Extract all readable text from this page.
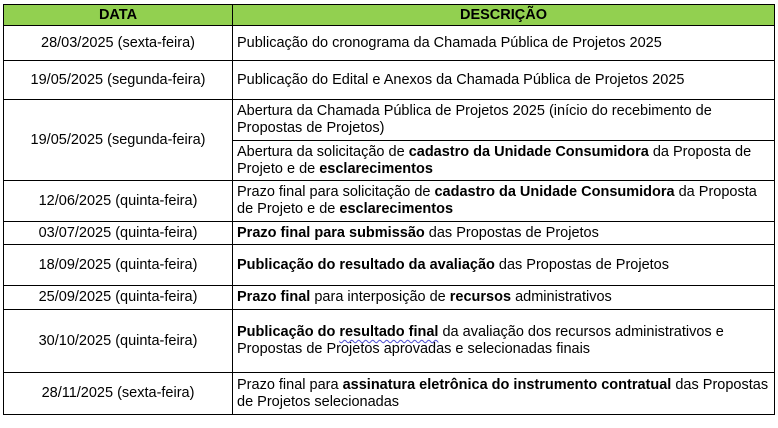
DATA	DESCRIÇÃO
28/03/2025 (sexta-feira)	Publicação do cronograma da Chamada Pública de Projetos 2025
19/05/2025 (segunda-feira)	Publicação do Edital e Anexos da Chamada Pública de Projetos 2025
19/05/2025 (segunda-feira)	Abertura da Chamada Pública de Projetos 2025 (início do recebimento de Propostas de Projetos)
	Abertura da solicitação de cadastro da Unidade Consumidora da Proposta de Projeto e de esclarecimentos
12/06/2025 (quinta-feira)	Prazo final para solicitação de cadastro da Unidade Consumidora da Proposta de Projeto e de esclarecimentos
03/07/2025 (quinta-feira)	Prazo final para submissão das Propostas de Projetos
18/09/2025 (quinta-feira)	Publicação do resultado da avaliação das Propostas de Projetos
25/09/2025 (quinta-feira)	Prazo final para interposição de recursos administrativos
30/10/2025 (quinta-feira)	Publicação do resultado final da avaliação dos recursos administrativos e Propostas de Projetos aprovadas e selecionadas finais
28/11/2025 (sexta-feira)	Prazo final para assinatura eletrônica do instrumento contratual das Propostas de Projetos selecionadas
